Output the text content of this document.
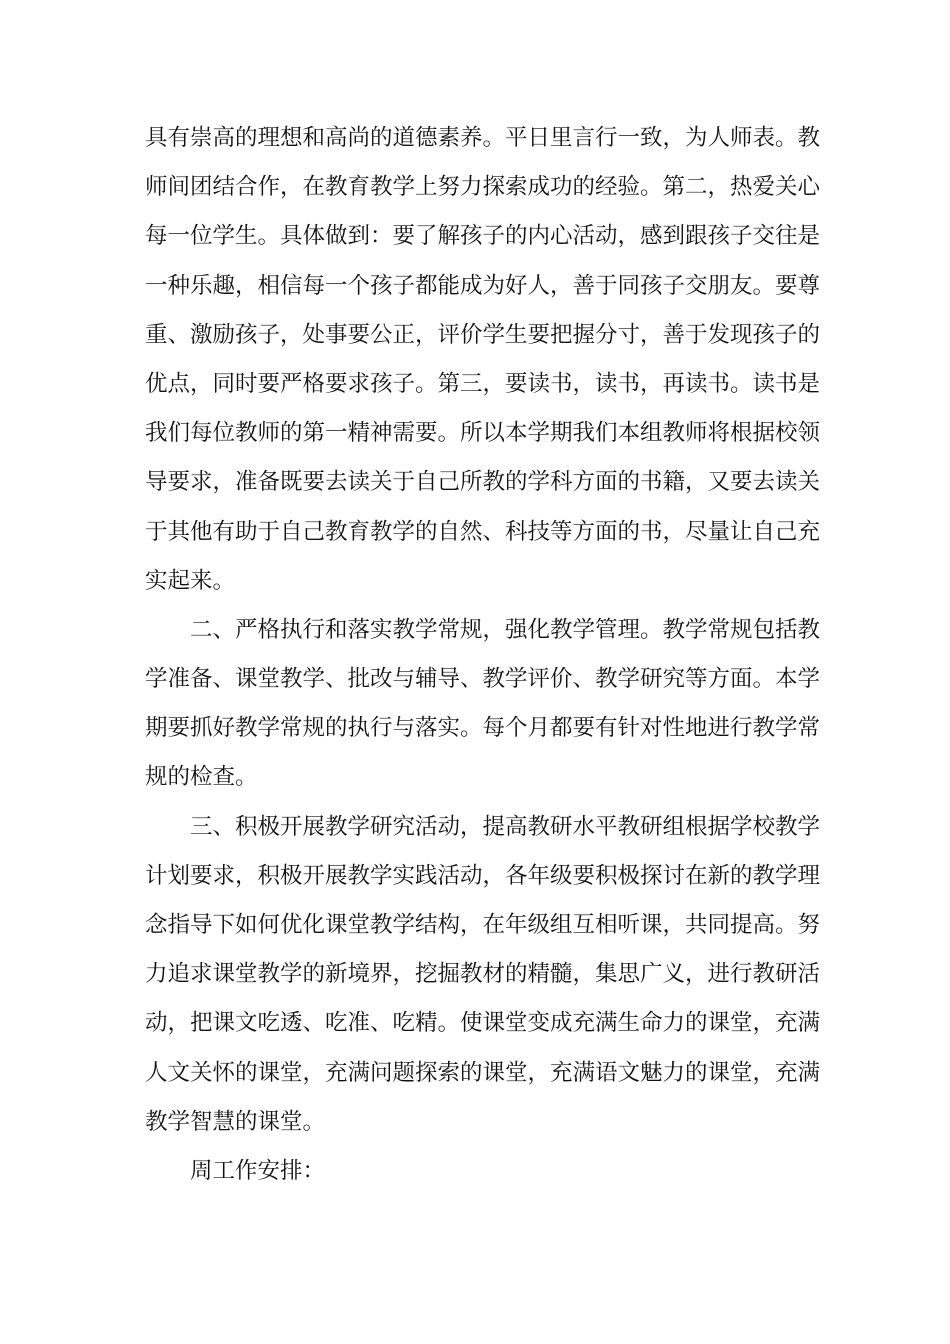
具有崇高的理想和高尚的道德素养。平日里言行一致，为人师表。教
师间团结合作，在教育教学上努力探索成功的经验。第二，热爱关心
每一位学生。具体做到：要了解孩子的内心活动，感到跟孩子交往是
一种乐趣，相信每一个孩子都能成为好人，善于同孩子交朋友。要尊
重、激励孩子，处事要公正，评价学生要把握分寸，善于发现孩子的
优点，同时要严格要求孩子。第三，要读书，读书，再读书。读书是
我们每位教师的第一精神需要。所以本学期我们本组教师将根据校领
导要求，准备既要去读关于自己所教的学科方面的书籍，又要去读关
于其他有助于自己教育教学的自然、科技等方面的书，尽量让自己充
实起来。
二、严格执行和落实教学常规，强化教学管理。教学常规包括教
学准备、课堂教学、批改与辅导、教学评价、教学研究等方面。本学
期要抓好教学常规的执行与落实。每个月都要有针对性地进行教学常
规的检查。
三、积极开展教学研究活动，提高教研水平教研组根据学校教学
计划要求，积极开展教学实践活动，各年级要积极探讨在新的教学理
念指导下如何优化课堂教学结构，在年级组互相听课，共同提高。努
力追求课堂教学的新境界，挖掘教材的精髓，集思广义，进行教研活
动，把课文吃透、吃准、吃精。使课堂变成充满生命力的课堂，充满
人文关怀的课堂，充满问题探索的课堂，充满语文魅力的课堂，充满
教学智慧的课堂。
周工作安排：
